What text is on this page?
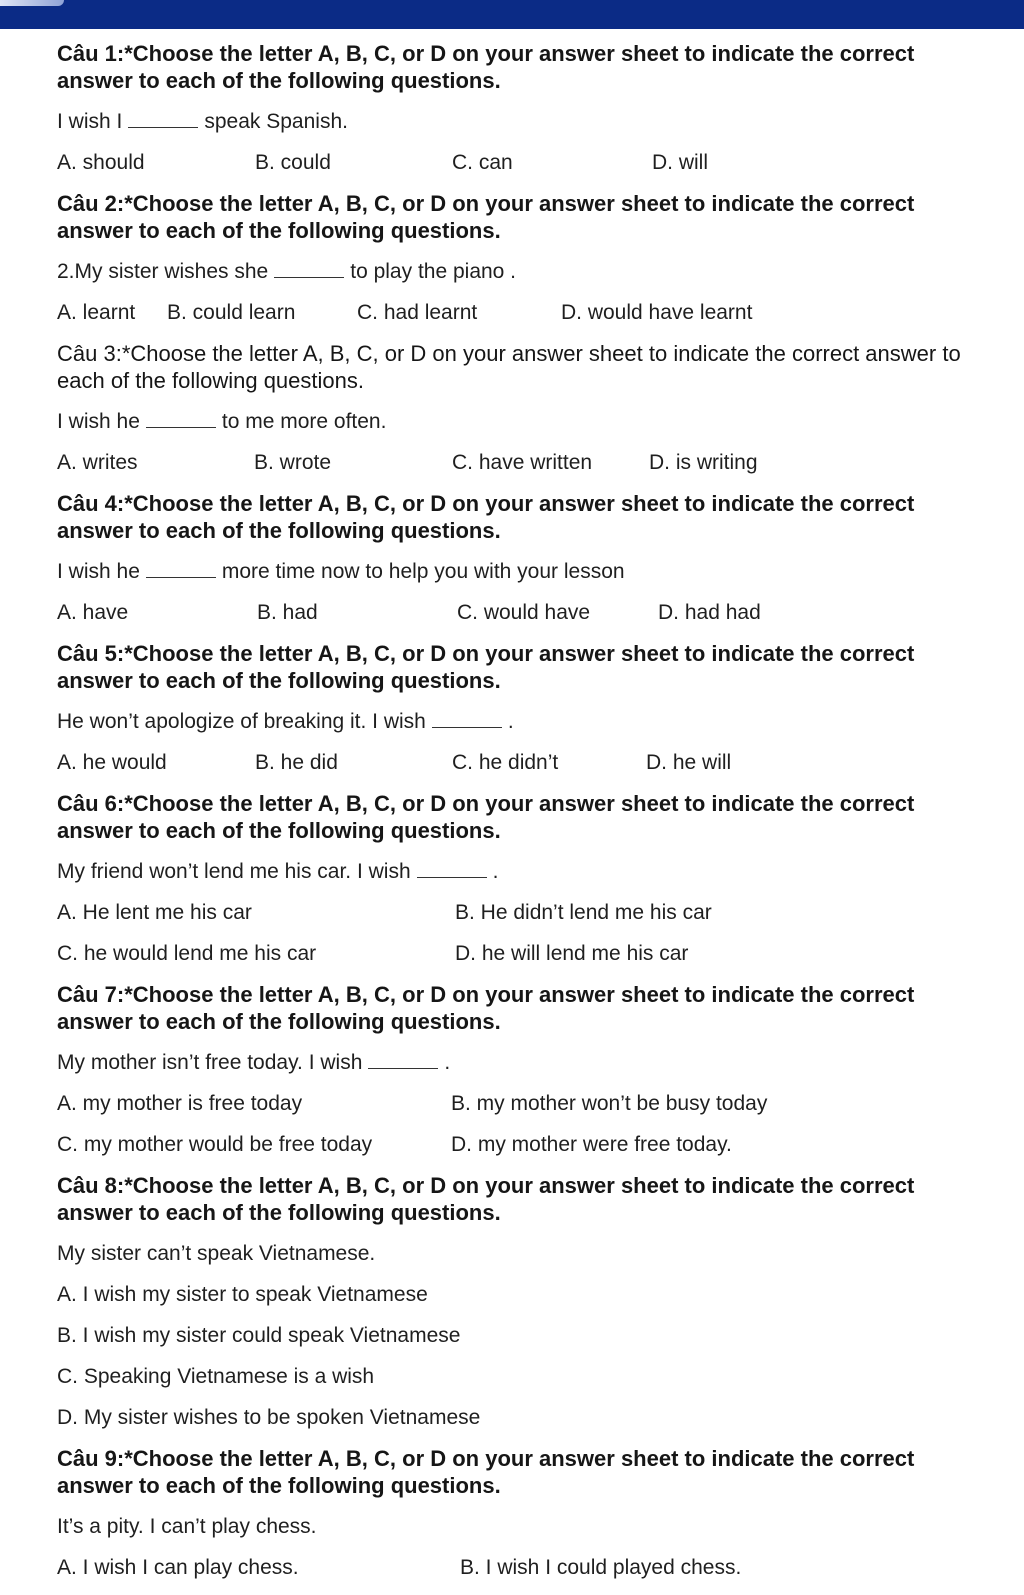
Câu 1:*Choose the letter A, B, C, or D on your answer sheet to indicate the correct answer to each of the following questions.

I wish I	speak Spanish.

A. should	B. could	C. can	D. will

Câu 2:*Choose the letter A, B, C, or D on your answer sheet to indicate the correct answer to each of the following questions.

2.My sister wishes she	to play the piano .

A. learnt B. could learn	C. had learnt	D. would have learnt

Câu 3:*Choose the letter A, B, C, or D on your answer sheet to indicate the correct answer to each of the following questions.

I wish he	to me more often.

A. writes	B. wrote	C. have written	D. is writing

Câu 4:*Choose the letter A, B, C, or D on your answer sheet to indicate the correct answer to each of the following questions.

I wish he	more time now to help you with your lesson

A. have	B. had	C. would have	D. had had

Câu 5:*Choose the letter A, B, C, or D on your answer sheet to indicate the correct answer to each of the following questions.

He won’t apologize of breaking it. I wish	.

A. he would	B. he did	C. he didn’t	D. he will

Câu 6:*Choose the letter A, B, C, or D on your answer sheet to indicate the correct answer to each of the following questions.

My friend won’t lend me his car. I wish	.

A. He lent me his car	B. He didn’t lend me his car
C. he would lend me his car	D. he will lend me his car

Câu 7:*Choose the letter A, B, C, or D on your answer sheet to indicate the correct answer to each of the following questions.

My mother isn’t free today. I wish	.

A. my mother is free today	B. my mother won’t be busy today
C. my mother would be free today	D. my mother were free today.

Câu 8:*Choose the letter A, B, C, or D on your answer sheet to indicate the correct answer to each of the following questions.

My sister can’t speak Vietnamese.

A. I wish my sister to speak Vietnamese

B. I wish my sister could speak Vietnamese

C. Speaking Vietnamese is a wish

D. My sister wishes to be spoken Vietnamese

Câu 9:*Choose the letter A, B, C, or D on your answer sheet to indicate the correct answer to each of the following questions.

It’s a pity. I can’t play chess.

A. I wish I can play chess.	B. I wish I could played chess.
